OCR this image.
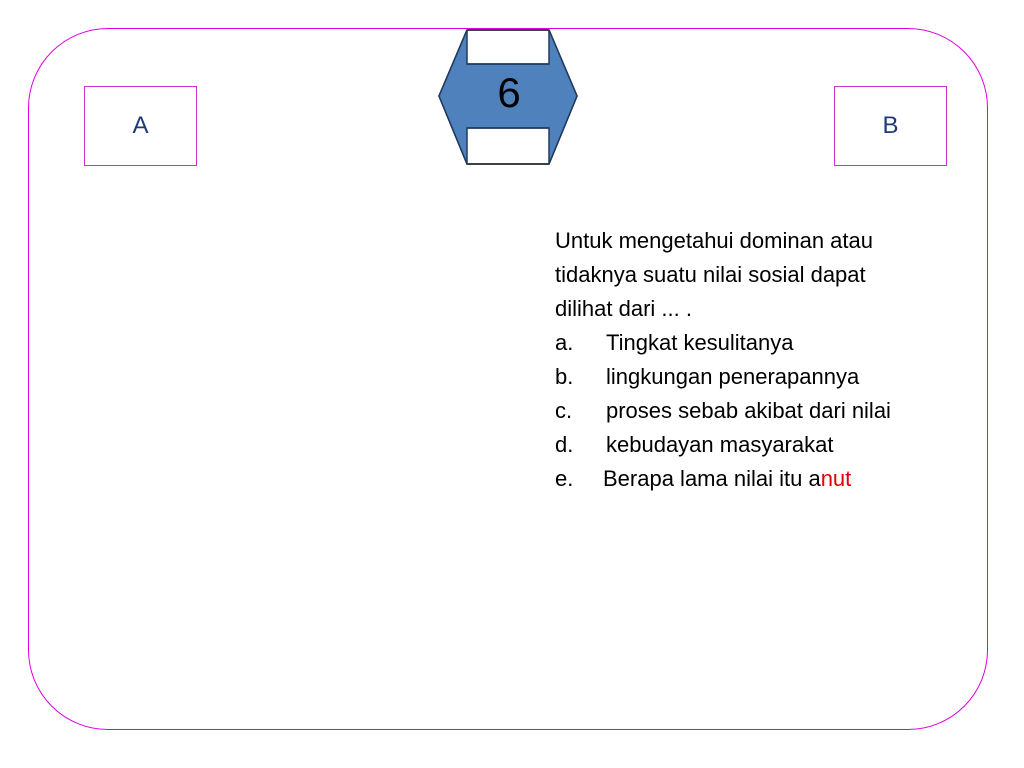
A	B
6

Untuk mengetahui dominan atau
tidaknya suatu nilai sosial dapat
dilihat dari ... .

a.	Tingkat kesulitanya
b.	lingkungan penerapannya
c.	proses sebab akibat dari nilai
d.	kebudayan masyarakat
e.	Berapa lama nilai itu anut
